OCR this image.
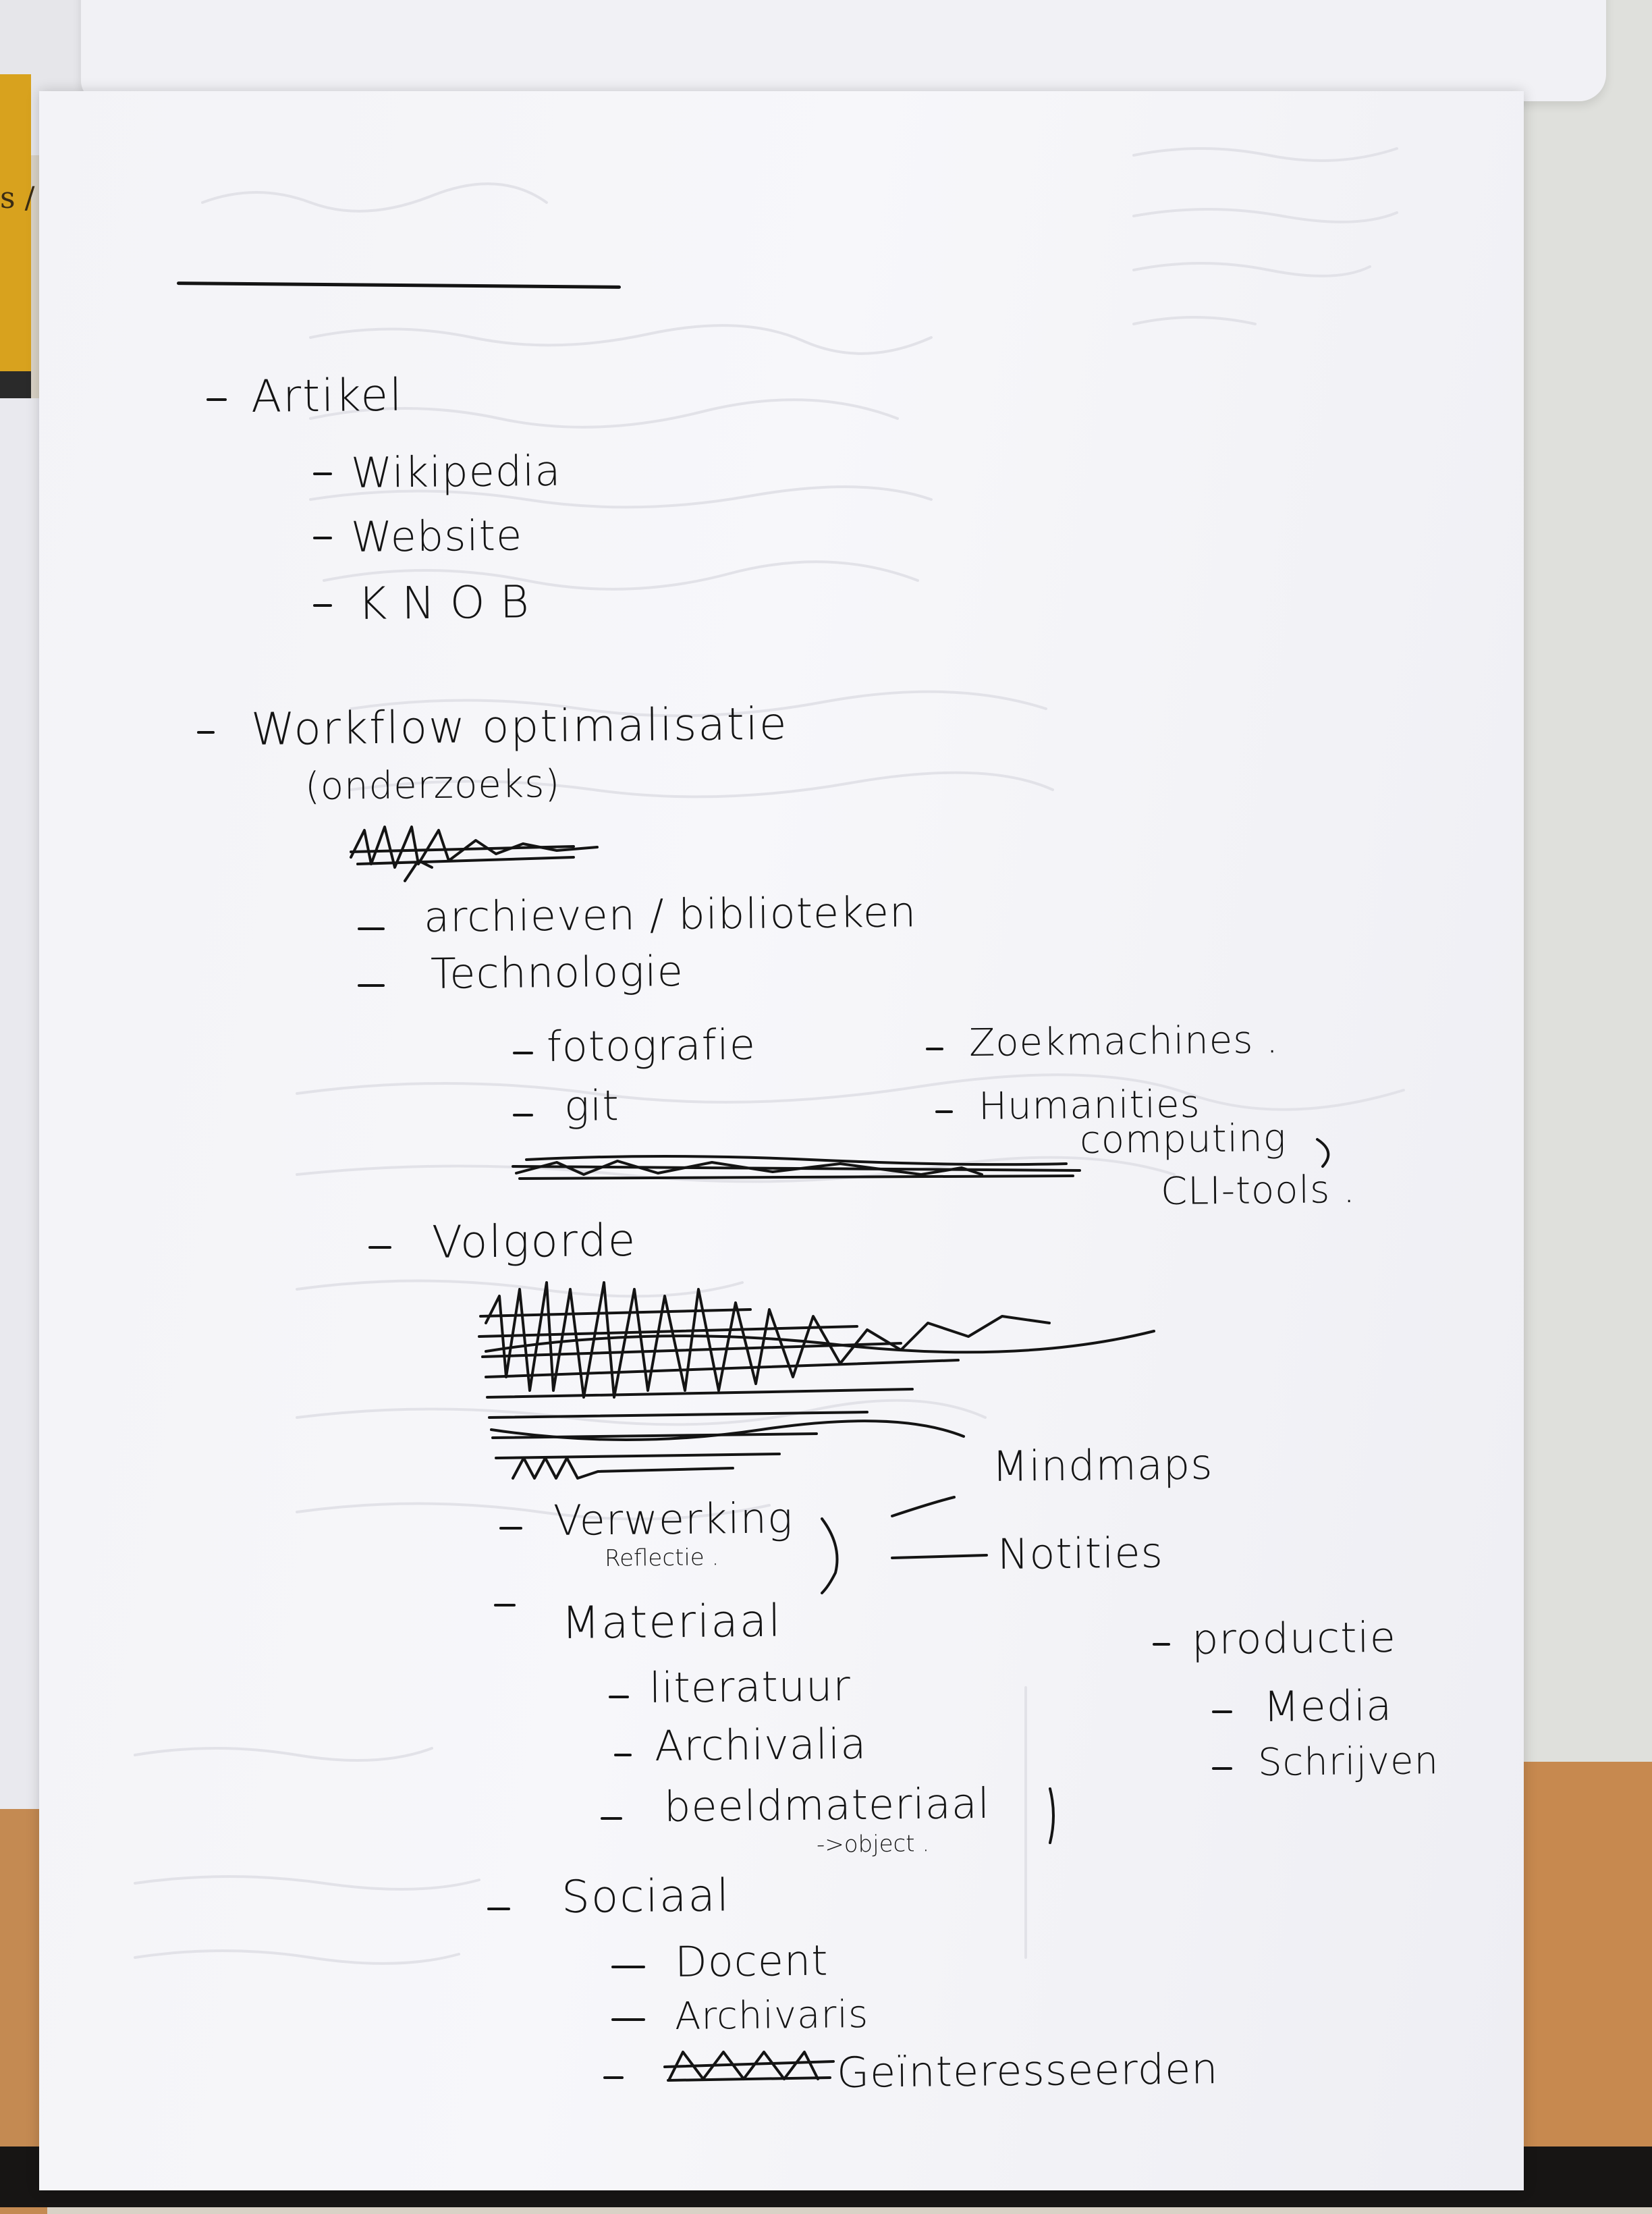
s /
Artikel
Wikipedia
Website
KNOB
Workflow optimalisatie
(onderzoeks)
archieven / biblioteken
Technologie
fotografie
git
Zoekmachines .
Humanities
computing
CLI-tools .
Volgorde
Verwerking
Reflectie .
Mindmaps
Notities
Materiaal
literatuur
Archivalia
beeldmateriaal
->object .
productie
Media
Schrijven
Sociaal
Docent
Archivaris
Geïnteresseerden
